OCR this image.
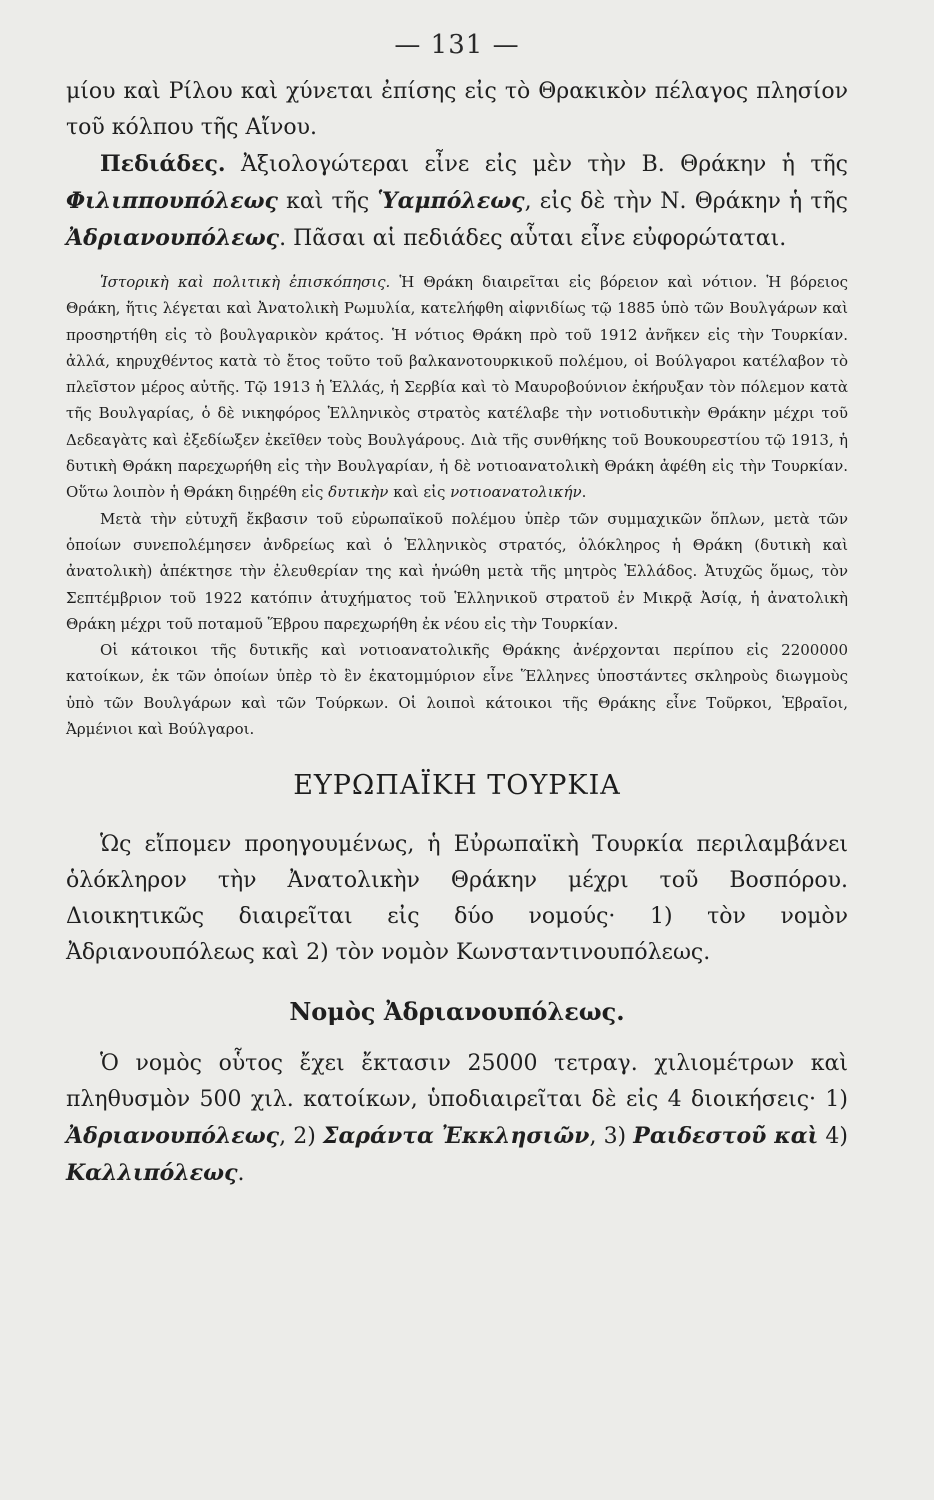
— 131 —

μίου καὶ Ρίλου καὶ χύνεται ἐπίσης εἰς τὸ Θρακικὸν πέλαγος πλησίον τοῦ κόλπου τῆς Αἴνου.

Πεδιάδες. Ἀξιολογώτεραι εἶνε εἰς μὲν τὴν Β. Θράκην ἡ τῆς Φιλιππουπόλεως καὶ τῆς Ὑαμπόλεως, εἰς δὲ τὴν Ν. Θράκην ἡ τῆς Ἀδριανουπόλεως. Πᾶσαι αἱ πεδιάδες αὗται εἶνε εὐφορώταται.

Ἱστορικὴ καὶ πολιτικὴ ἐπισκόπησις. Ἡ Θράκη διαιρεῖται εἰς βόρειον καὶ νότιον. Ἡ βόρειος Θράκη, ἥτις λέγεται καὶ Ἀνατολικὴ Ρωμυλία, κατελήφθη αἰφνιδίως τῷ 1885 ὑπὸ τῶν Βουλγάρων καὶ προσηρτήθη εἰς τὸ βουλγαρικὸν κράτος. Ἡ νότιος Θράκη πρὸ τοῦ 1912 ἀνῆκεν εἰς τὴν Τουρκίαν. ἀλλά, κηρυχθέντος κατὰ τὸ ἔτος τοῦτο τοῦ βαλκανοτουρκικοῦ πολέμου, οἱ Βούλγαροι κατέλαβον τὸ πλεῖστον μέρος αὐτῆς. Τῷ 1913 ἡ Ἑλλάς, ἡ Σερβία καὶ τὸ Μαυροβούνιον ἐκήρυξαν τὸν πόλεμον κατὰ τῆς Βουλγαρίας, ὁ δὲ νικηφόρος Ἑλληνικὸς στρατὸς κατέλαβε τὴν νοτιοδυτικὴν Θράκην μέχρι τοῦ Δεδεαγὰτς καὶ ἐξεδίωξεν ἐκεῖθεν τοὺς Βουλγάρους. Διὰ τῆς συνθήκης τοῦ Βουκουρεστίου τῷ 1913, ἡ δυτικὴ Θράκη παρεχωρήθη εἰς τὴν Βουλγαρίαν, ἡ δὲ νοτιοανατολικὴ Θράκη ἀφέθη εἰς τὴν Τουρκίαν. Οὕτω λοιπὸν ἡ Θράκη διῃρέθη εἰς δυτικὴν καὶ εἰς νοτιοανατολικήν.

Μετὰ τὴν εὐτυχῆ ἔκβασιν τοῦ εὐρωπαϊκοῦ πολέμου ὑπὲρ τῶν συμμαχικῶν ὅπλων, μετὰ τῶν ὁποίων συνεπολέμησεν ἀνδρείως καὶ ὁ Ἑλληνικὸς στρατός, ὁλόκληρος ἡ Θράκη (δυτικὴ καὶ ἀνατολικὴ) ἀπέκτησε τὴν ἐλευθερίαν της καὶ ἡνώθη μετὰ τῆς μητρὸς Ἑλλάδος. Ἀτυχῶς ὅμως, τὸν Σεπτέμβριον τοῦ 1922 κατόπιν ἀτυχήματος τοῦ Ἑλληνικοῦ στρατοῦ ἐν Μικρᾷ Ἀσίᾳ, ἡ ἀνατολικὴ Θράκη μέχρι τοῦ ποταμοῦ Ἕβρου παρεχωρήθη ἐκ νέου εἰς τὴν Τουρκίαν.

Οἱ κάτοικοι τῆς δυτικῆς καὶ νοτιοανατολικῆς Θράκης ἀνέρχονται περίπου εἰς 2200000 κατοίκων, ἐκ τῶν ὁποίων ὑπὲρ τὸ ἓν ἑκατομμύριον εἶνε Ἕλληνες ὑποστάντες σκληροὺς διωγμοὺς ὑπὸ τῶν Βουλγάρων καὶ τῶν Τούρκων. Οἱ λοιποὶ κάτοικοι τῆς Θράκης εἶνε Τοῦρκοι, Ἑβραῖοι, Ἀρμένιοι καὶ Βούλγαροι.

ΕΥΡΩΠΑΪΚΗ ΤΟΥΡΚΙΑ

Ὡς εἴπομεν προηγουμένως, ἡ Εὐρωπαϊκὴ Τουρκία περιλαμβάνει ὁλόκληρον τὴν Ἀνατολικὴν Θράκην μέχρι τοῦ Βοσπόρου. Διοικητικῶς διαιρεῖται εἰς δύο νομούς· 1) τὸν νομὸν Ἀδριανουπόλεως καὶ 2) τὸν νομὸν Κωνσταντινουπόλεως.

Νομὸς Ἀδριανουπόλεως.

Ὁ νομὸς οὗτος ἔχει ἔκτασιν 25000 τετραγ. χιλιομέτρων καὶ πληθυσμὸν 500 χιλ. κατοίκων, ὑποδιαιρεῖται δὲ εἰς 4 διοικήσεις· 1) Ἀδριανουπόλεως, 2) Σαράντα Ἐκκλησιῶν, 3) Ραιδεστοῦ καὶ 4) Καλλιπόλεως.
